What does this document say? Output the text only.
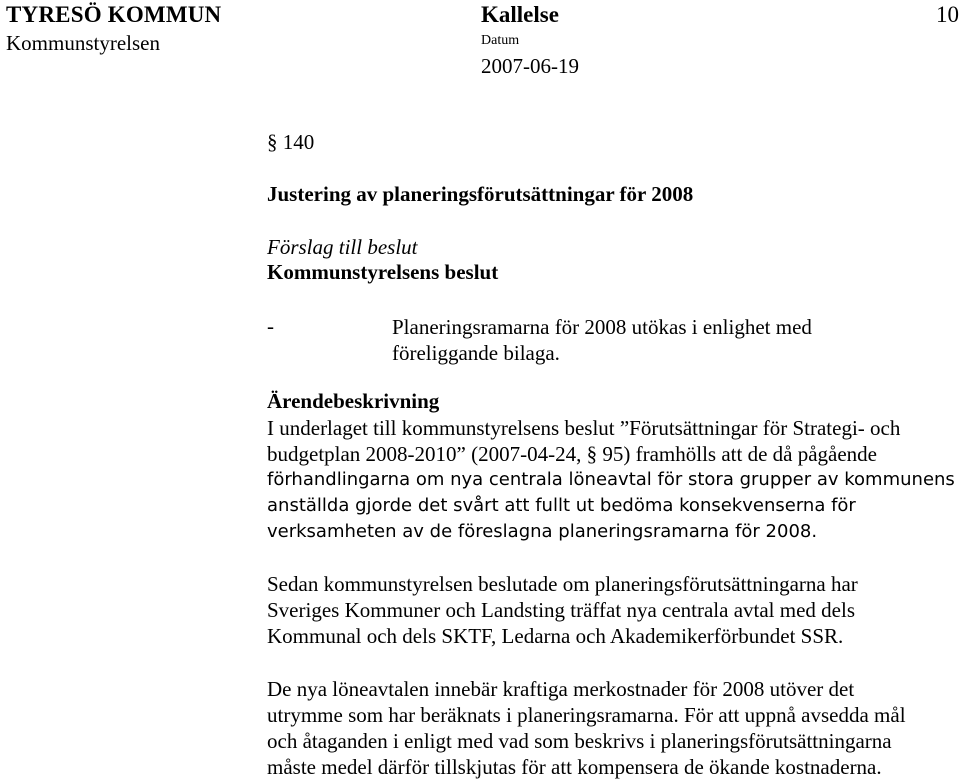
TYRESÖ KOMMUN
Kommunstyrelsen
Kallelse
Datum
2007-06-19
10
§ 140
Justering av planeringsförutsättningar för 2008
Förslag till beslut
Kommunstyrelsens beslut
-	Planeringsramarna för 2008 utökas i enlighet med föreliggande bilaga.
Ärendebeskrivning
I underlaget till kommunstyrelsens beslut ”Förutsättningar för Strategi- och
budgetplan 2008-2010” (2007-04-24, § 95) framhölls att de då pågående
förhandlingarna om nya centrala löneavtal för stora grupper av kommunens
anställda gjorde det svårt att fullt ut bedöma konsekvenserna för
verksamheten av de föreslagna planeringsramarna för 2008.
Sedan kommunstyrelsen beslutade om planeringsförutsättningarna har
Sveriges Kommuner och Landsting träffat nya centrala avtal med dels
Kommunal och dels SKTF, Ledarna och Akademikerförbundet SSR.
De nya löneavtalen innebär kraftiga merkostnader för 2008 utöver det
utrymme som har beräknats i planeringsramarna. För att uppnå avsedda mål
och åtaganden i enligt med vad som beskrivs i planeringsförutsättningarna
måste medel därför tillskjutas för att kompensera de ökande kostnaderna.
